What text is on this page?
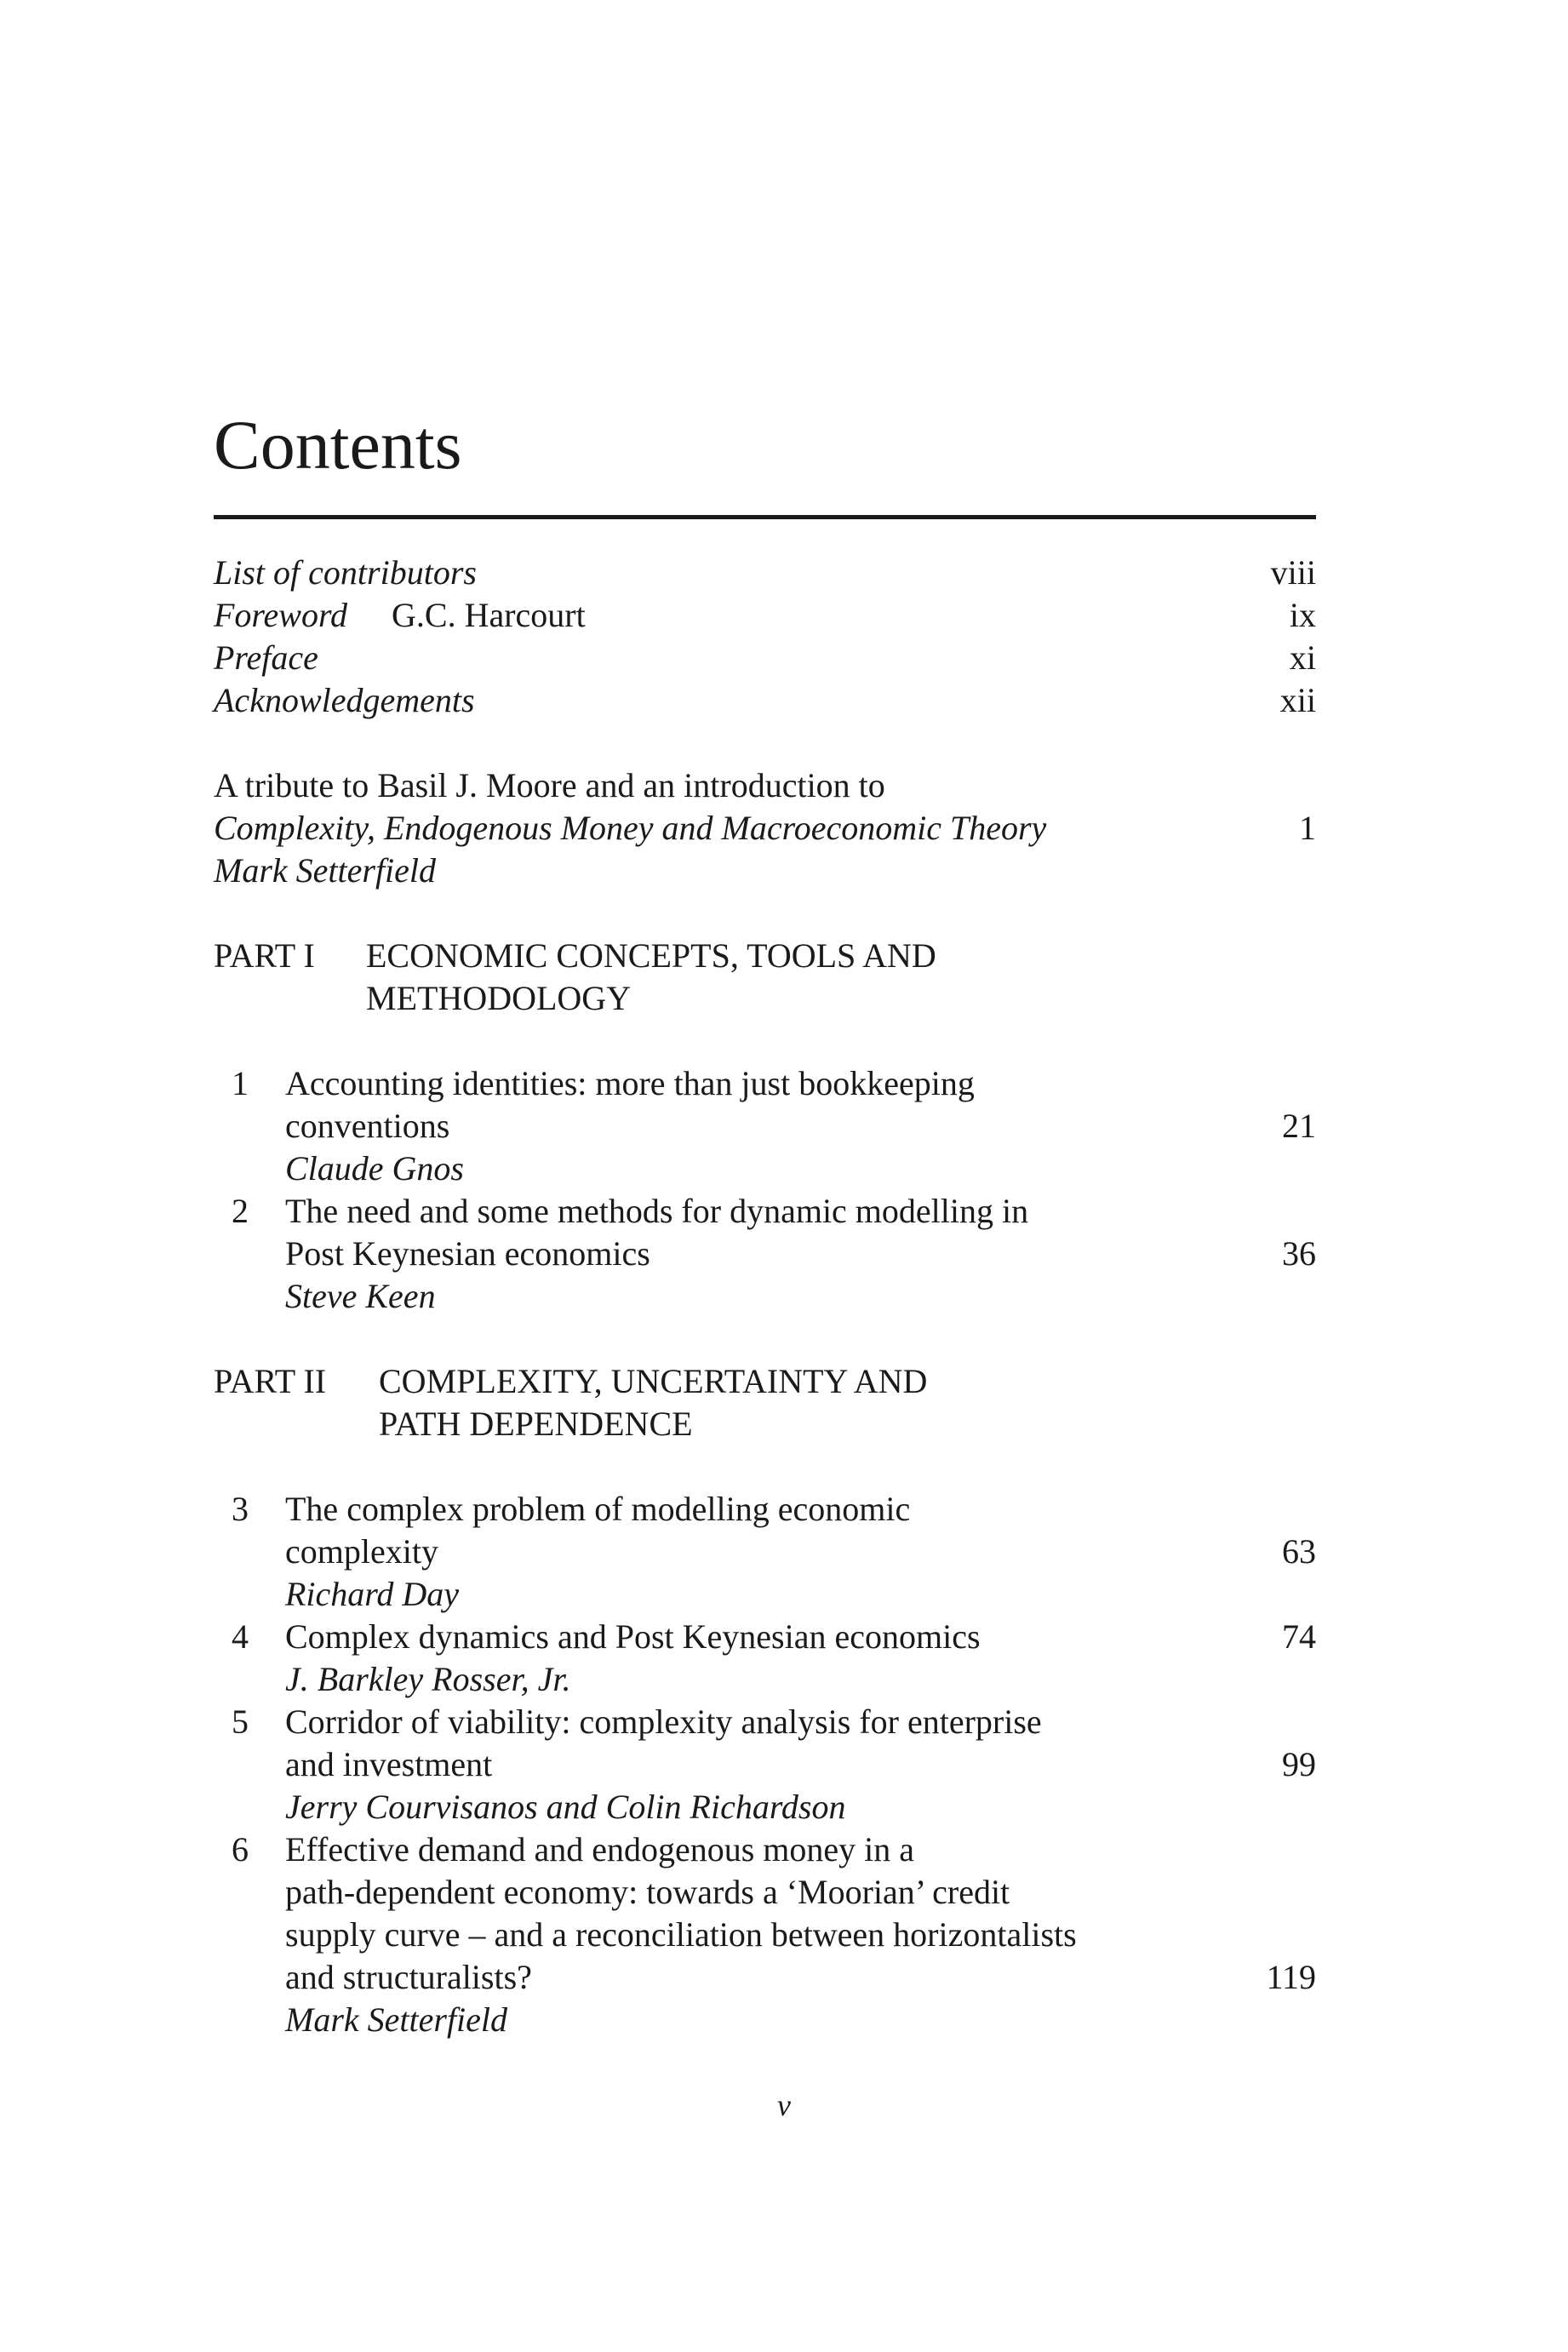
Contents
List of contributors	viii
Foreword G.C. Harcourt	ix
Preface	xi
Acknowledgements	xii
A tribute to Basil J. Moore and an introduction to
Complexity, Endogenous Money and Macroeconomic Theory	1
Mark Setterfield
PART I ECONOMIC CONCEPTS, TOOLS AND
METHODOLOGY
1 Accounting identities: more than just bookkeeping
conventions	21
Claude Gnos
2 The need and some methods for dynamic modelling in
Post Keynesian economics	36
Steve Keen
PART II COMPLEXITY, UNCERTAINTY AND
PATH DEPENDENCE
3 The complex problem of modelling economic
complexity	63
Richard Day
4 Complex dynamics and Post Keynesian economics	74
J. Barkley Rosser, Jr.
5 Corridor of viability: complexity analysis for enterprise
and investment	99
Jerry Courvisanos and Colin Richardson
6 Effective demand and endogenous money in a
path-dependent economy: towards a ‘Moorian’ credit
supply curve – and a reconciliation between horizontalists
and structuralists?	119
Mark Setterfield
v
